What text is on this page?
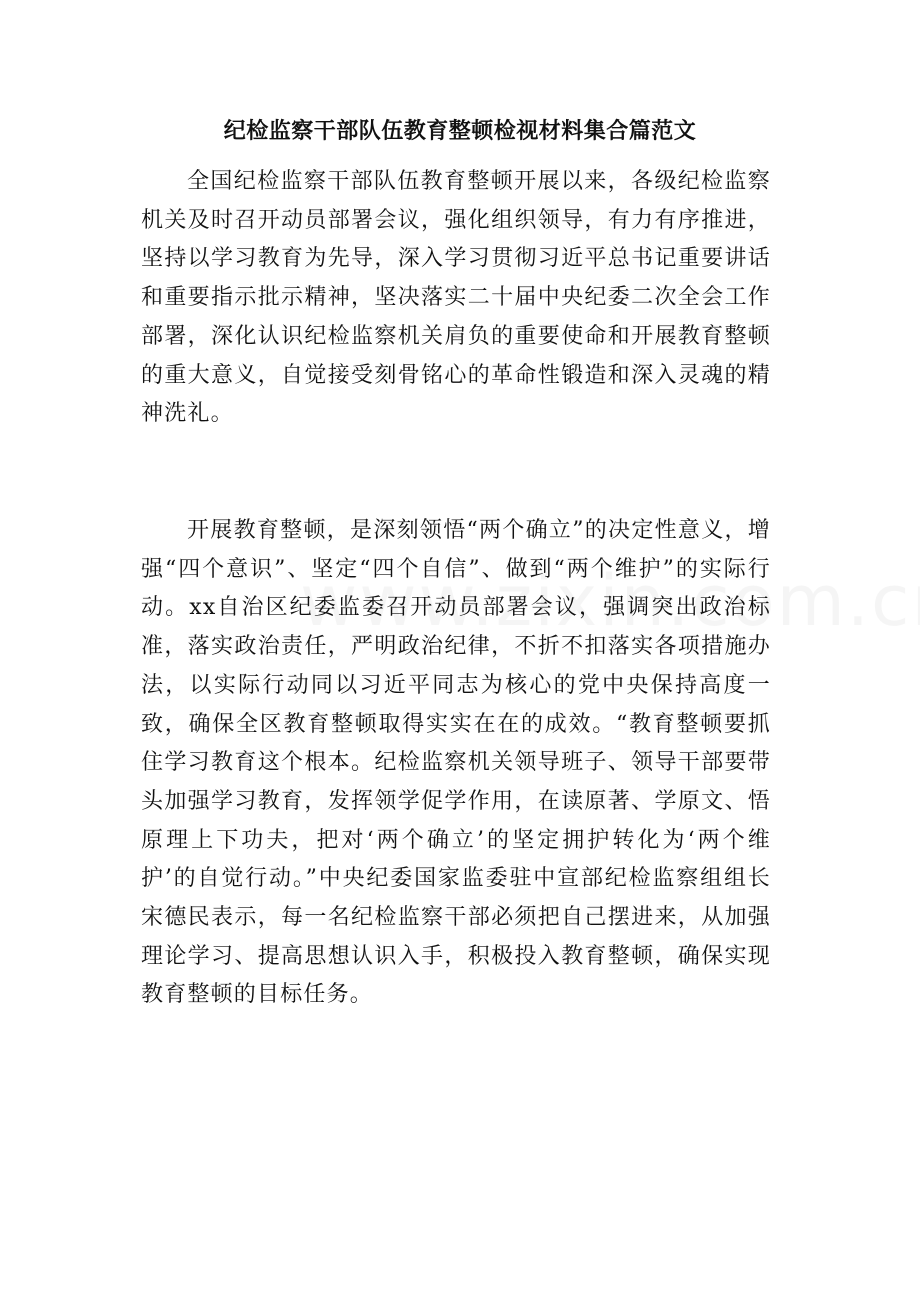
纪检监察干部队伍教育整顿检视材料集合篇范文

全国纪检监察干部队伍教育整顿开展以来，各级纪检监察机关及时召开动员部署会议，强化组织领导，有力有序推进，坚持以学习教育为先导，深入学习贯彻习近平总书记重要讲话和重要指示批示精神，坚决落实二十届中央纪委二次全会工作部署，深化认识纪检监察机关肩负的重要使命和开展教育整顿的重大意义，自觉接受刻骨铭心的革命性锻造和深入灵魂的精神洗礼。

开展教育整顿，是深刻领悟“两个确立”的决定性意义，增强“四个意识”、坚定“四个自信”、做到“两个维护”的实际行动。xx自治区纪委监委召开动员部署会议，强调突出政治标准，落实政治责任，严明政治纪律，不折不扣落实各项措施办法，以实际行动同以习近平同志为核心的党中央保持高度一致，确保全区教育整顿取得实实在在的成效。“教育整顿要抓住学习教育这个根本。纪检监察机关领导班子、领导干部要带头加强学习教育，发挥领学促学作用，在读原著、学原文、悟原理上下功夫，把对‘两个确立’的坚定拥护转化为‘两个维护’的自觉行动。”中央纪委国家监委驻中宣部纪检监察组组长宋德民表示，每一名纪检监察干部必须把自己摆进来，从加强理论学习、提高思想认识入手，积极投入教育整顿，确保实现教育整顿的目标任务。
